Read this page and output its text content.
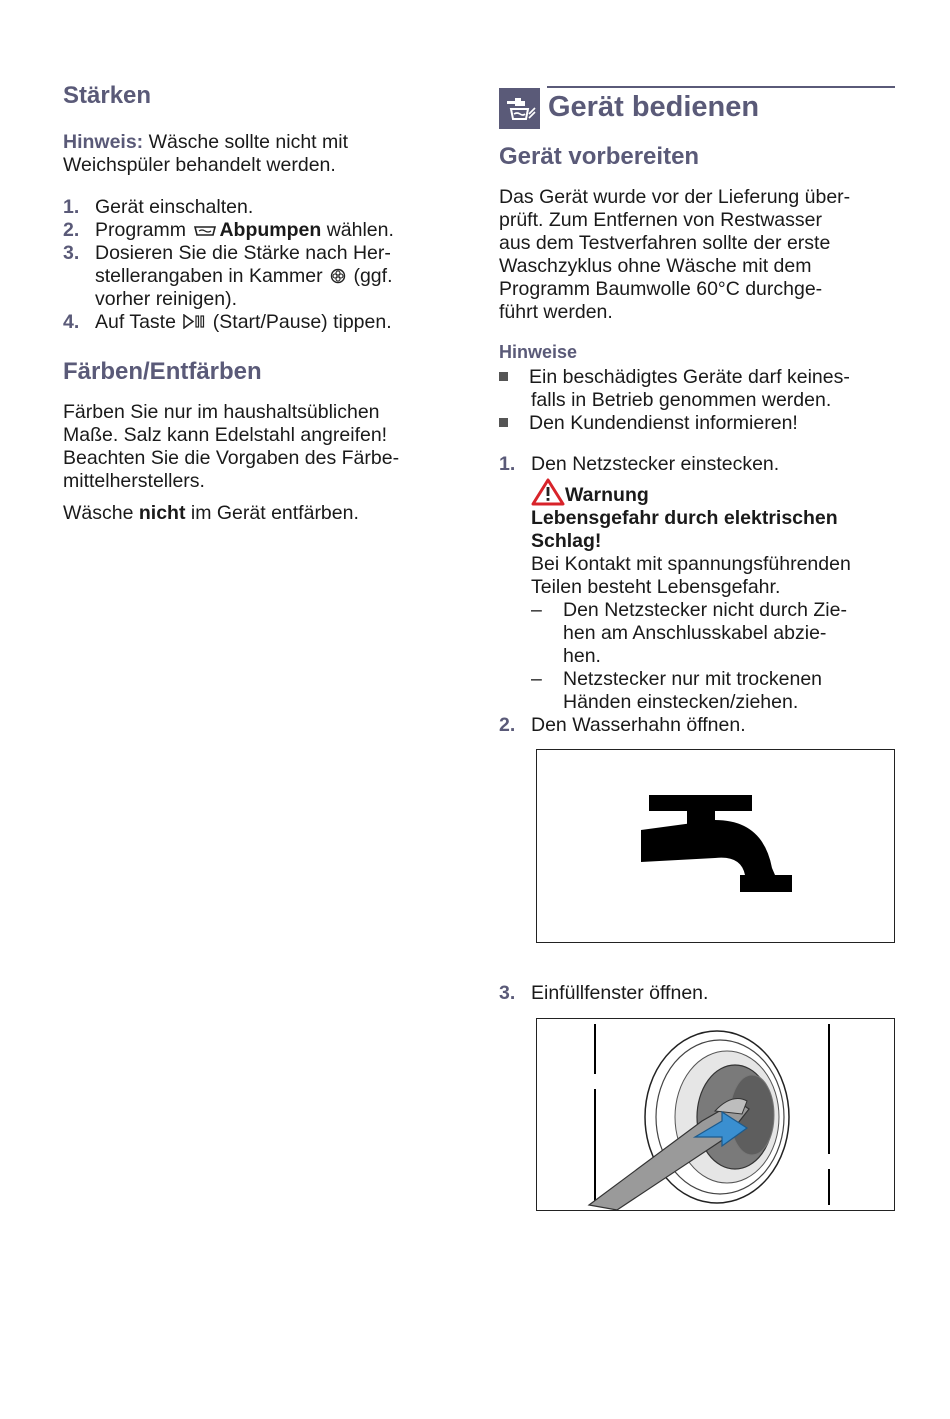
Stärken
Hinweis: Wäsche sollte nicht mit
Weichspüler behandelt werden.
1. Gerät einschalten.
2. Programm Abpumpen wählen.
3. Dosieren Sie die Stärke nach Her-
stellerangaben in Kammer (ggf.
vorher reinigen).
4. Auf Taste (Start/Pause) tippen.
Färben/Entfärben
Färben Sie nur im haushaltsüblichen
Maße. Salz kann Edelstahl angreifen!
Beachten Sie die Vorgaben des Färbe-
mittelherstellers.
Wäsche nicht im Gerät entfärben.
Gerät bedienen
Gerät vorbereiten
Das Gerät wurde vor der Lieferung über-
prüft. Zum Entfernen von Restwasser
aus dem Testverfahren sollte der erste
Waschzyklus ohne Wäsche mit dem
Programm Baumwolle 60°C durchge-
führt werden.
Hinweise
Ein beschädigtes Geräte darf keines-
falls in Betrieb genommen werden.
Den Kundendienst informieren!
1. Den Netzstecker einstecken.
Warnung
Lebensgefahr durch elektrischen
Schlag!
Bei Kontakt mit spannungsführenden
Teilen besteht Lebensgefahr.
– Den Netzstecker nicht durch Zie-
hen am Anschlusskabel abzie-
hen.
– Netzstecker nur mit trockenen
Händen einstecken/ziehen.
2. Den Wasserhahn öffnen.
3. Einfüllfenster öffnen.
